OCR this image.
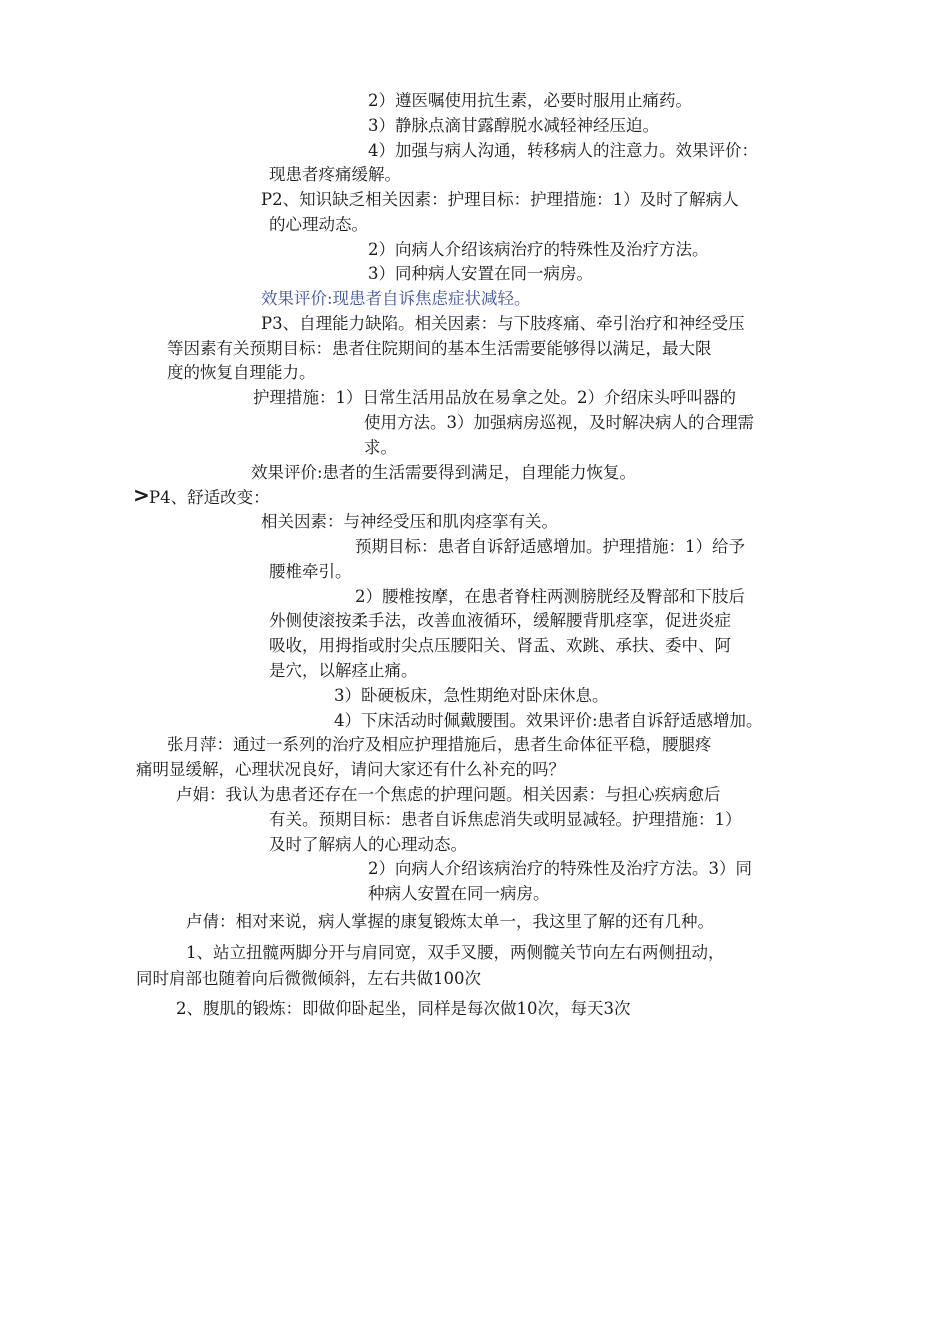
2）遵医嘱使用抗生素，必要时服用止痛药。
3）静脉点滴甘露醇脱水减轻神经压迫。
4）加强与病人沟通，转移病人的注意力。效果评价：
现患者疼痛缓解。
P2、知识缺乏相关因素：护理目标：护理措施：1）及时了解病人
的心理动态。
2）向病人介绍该病治疗的特殊性及治疗方法。
3）同种病人安置在同一病房。
效果评价:现患者自诉焦虑症状减轻。
P3、自理能力缺陷。相关因素：与下肢疼痛、牵引治疗和神经受压
等因素有关预期目标：患者住院期间的基本生活需要能够得以满足，最大限
度的恢复自理能力。
护理措施：1）日常生活用品放在易拿之处。2）介绍床头呼叫器的
使用方法。3）加强病房巡视，及时解决病人的合理需
求。
效果评价:患者的生活需要得到满足，自理能力恢复。
> P4、舒适改变：
相关因素：与神经受压和肌肉痉挛有关。
预期目标：患者自诉舒适感增加。护理措施：1）给予
腰椎牵引。
2）腰椎按摩，在患者脊柱两测膀胱经及臀部和下肢后
外侧使滚按柔手法，改善血液循环，缓解腰背肌痉挛，促进炎症
吸收，用拇指或肘尖点压腰阳关、肾盂、欢跳、承扶、委中、阿
是穴，以解痉止痛。
3）卧硬板床，急性期绝对卧床休息。
4）下床活动时佩戴腰围。效果评价:患者自诉舒适感增加。
张月萍：通过一系列的治疗及相应护理措施后，患者生命体征平稳，腰腿疼
痛明显缓解，心理状况良好，请问大家还有什么补充的吗？
卢娟：我认为患者还存在一个焦虑的护理问题。相关因素：与担心疾病愈后
有关。预期目标：患者自诉焦虑消失或明显减轻。护理措施：1）
及时了解病人的心理动态。
2）向病人介绍该病治疗的特殊性及治疗方法。3）同
种病人安置在同一病房。
卢倩：相对来说，病人掌握的康复锻炼太单一，我这里了解的还有几种。
1、站立扭髋两脚分开与肩同宽，双手叉腰，两侧髋关节向左右两侧扭动，
同时肩部也随着向后微微倾斜，左右共做100次
2、腹肌的锻炼：即做仰卧起坐，同样是每次做10次，每天3次
